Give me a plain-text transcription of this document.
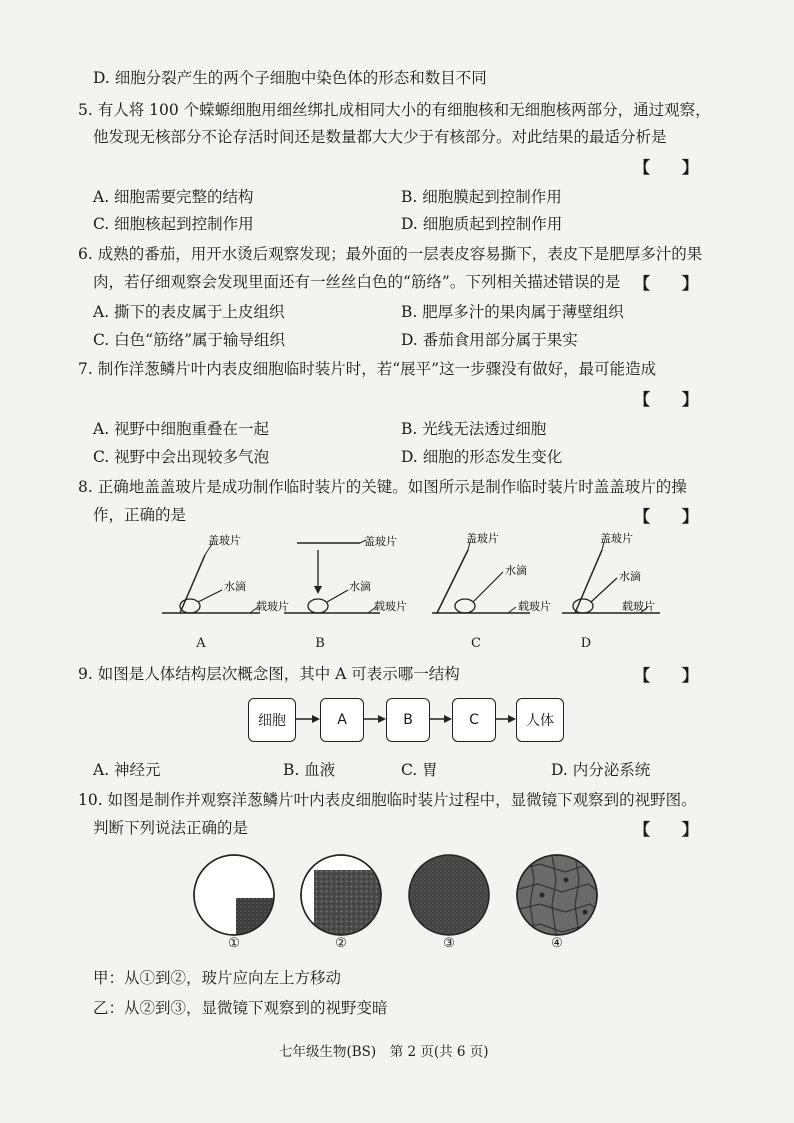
D. 细胞分裂产生的两个子细胞中染色体的形态和数目不同
5. 有人将 100 个蝾螈细胞用细丝绑扎成相同大小的有细胞核和无细胞核两部分，通过观察，
他发现无核部分不论存活时间还是数量都大大少于有核部分。对此结果的最适分析是
【　　】
A. 细胞需要完整的结构	B. 细胞膜起到控制作用
C. 细胞核起到控制作用	D. 细胞质起到控制作用
6. 成熟的番茄，用开水烫后观察发现；最外面的一层表皮容易撕下，表皮下是肥厚多汁的果
肉，若仔细观察会发现里面还有一丝丝白色的“筋络”。下列相关描述错误的是 【　　】
A. 撕下的表皮属于上皮组织	B. 肥厚多汁的果肉属于薄壁组织
C. 白色“筋络”属于输导组织	D. 番茄食用部分属于果实
7. 制作洋葱鳞片叶内表皮细胞临时装片时，若“展平”这一步骤没有做好，最可能造成
【　　】
A. 视野中细胞重叠在一起	B. 光线无法透过细胞
C. 视野中会出现较多气泡	D. 细胞的形态发生变化
8. 正确地盖盖玻片是成功制作临时装片的关键。如图所示是制作临时装片时盖盖玻片的操
作，正确的是	【　　】
盖玻片
水滴
载玻片
盖玻片
水滴
载玻片
盖玻片
水滴
载玻片
盖玻片
水滴
载玻片
A	B	C	D
9. 如图是人体结构层次概念图，其中 A 可表示哪一结构	【　　】
细胞	A	B	C	人体
A. 神经元	B. 血液	C. 胃	D. 内分泌系统
10. 如图是制作并观察洋葱鳞片叶内表皮细胞临时装片过程中，显微镜下观察到的视野图。
判断下列说法正确的是	【　　】
①	②	③	④
甲：从①到②，玻片应向左上方移动
乙：从②到③，显微镜下观察到的视野变暗
七年级生物(BS)　第 2 页(共 6 页)
